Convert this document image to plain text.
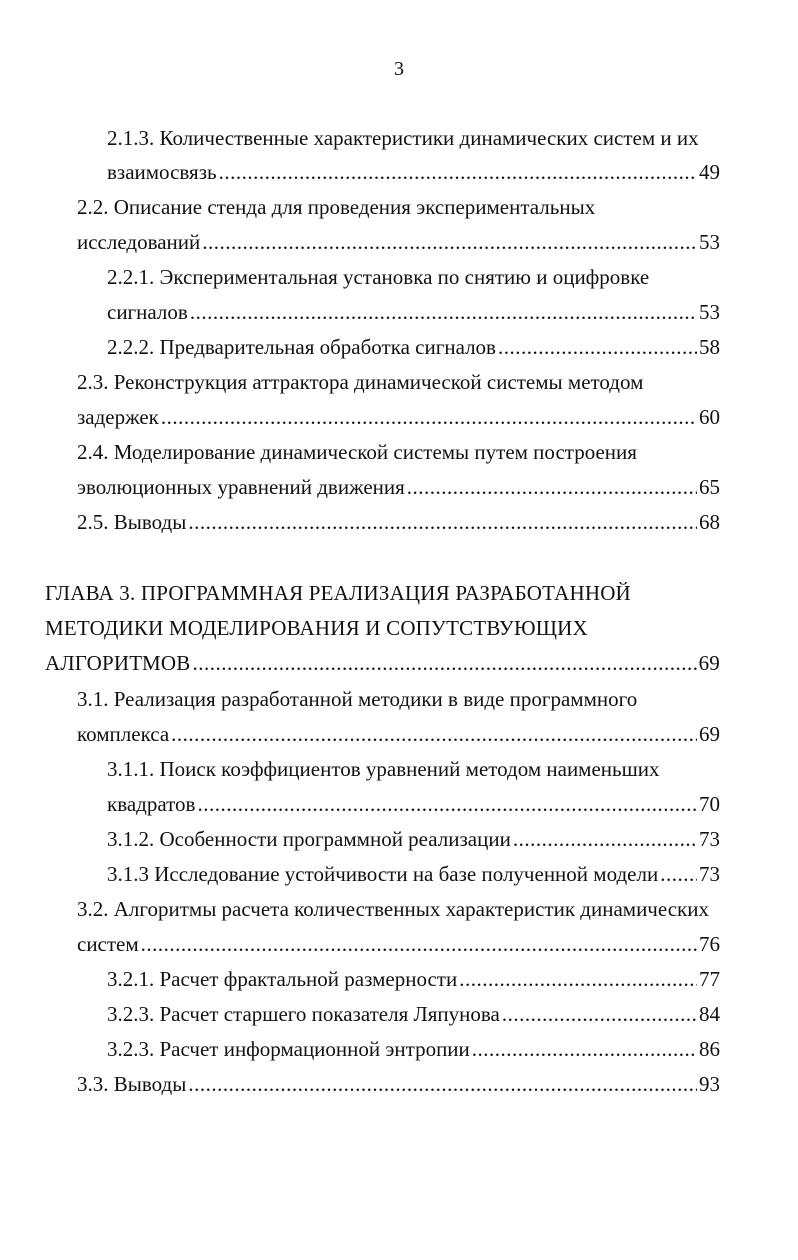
3
2.1.3. Количественные характеристики динамических систем и их
взаимосвязь .....	49
2.2. Описание стенда для проведения экспериментальных
исследований .....	53
2.2.1. Экспериментальная установка по снятию и оцифровке
сигналов .....	53
2.2.2. Предварительная обработка сигналов .....	58
2.3. Реконструкция аттрактора динамической системы методом
задержек .....	60
2.4. Моделирование динамической системы путем построения
эволюционных уравнений движения .....	65
2.5. Выводы .....	68
ГЛАВА 3. ПРОГРАММНАЯ РЕАЛИЗАЦИЯ РАЗРАБОТАННОЙ
МЕТОДИКИ МОДЕЛИРОВАНИЯ И СОПУТСТВУЮЩИХ
АЛГОРИТМОВ .....	69
3.1. Реализация разработанной методики в виде программного
комплекса .....	69
3.1.1. Поиск коэффициентов уравнений методом наименьших
квадратов .....	70
3.1.2. Особенности программной реализации .....	73
3.1.3 Исследование устойчивости на базе полученной модели ..... 73
3.2. Алгоритмы расчета количественных характеристик динамических
систем .....	76
3.2.1. Расчет фрактальной размерности .....	77
3.2.3. Расчет старшего показателя Ляпунова .....	84
3.2.3. Расчет информационной энтропии .....	86
3.3. Выводы .....	93
